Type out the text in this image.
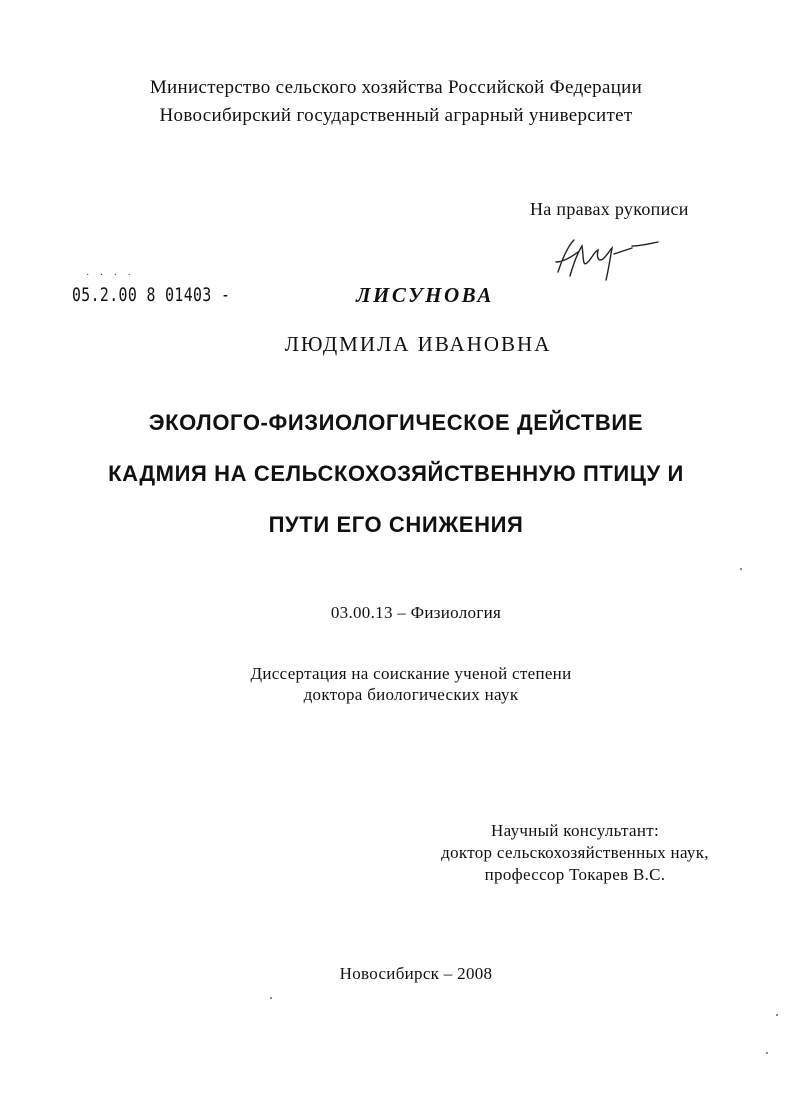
Министерство сельского хозяйства Российской Федерации
Новосибирский государственный аграрный университет
На правах рукописи
· · · ·
05.2.00 8 01403 -	ЛИСУНОВА
ЛЮДМИЛА ИВАНОВНА
ЭКОЛОГО-ФИЗИОЛОГИЧЕСКОЕ ДЕЙСТВИЕ
КАДМИЯ НА СЕЛЬСКОХОЗЯЙСТВЕННУЮ ПТИЦУ И
ПУТИ ЕГО СНИЖЕНИЯ
03.00.13 – Физиология
Диссертация на соискание ученой степени
доктора биологических наук
Научный консультант:
доктор сельскохозяйственных наук,
профессор Токарев В.С.
Новосибирск – 2008
